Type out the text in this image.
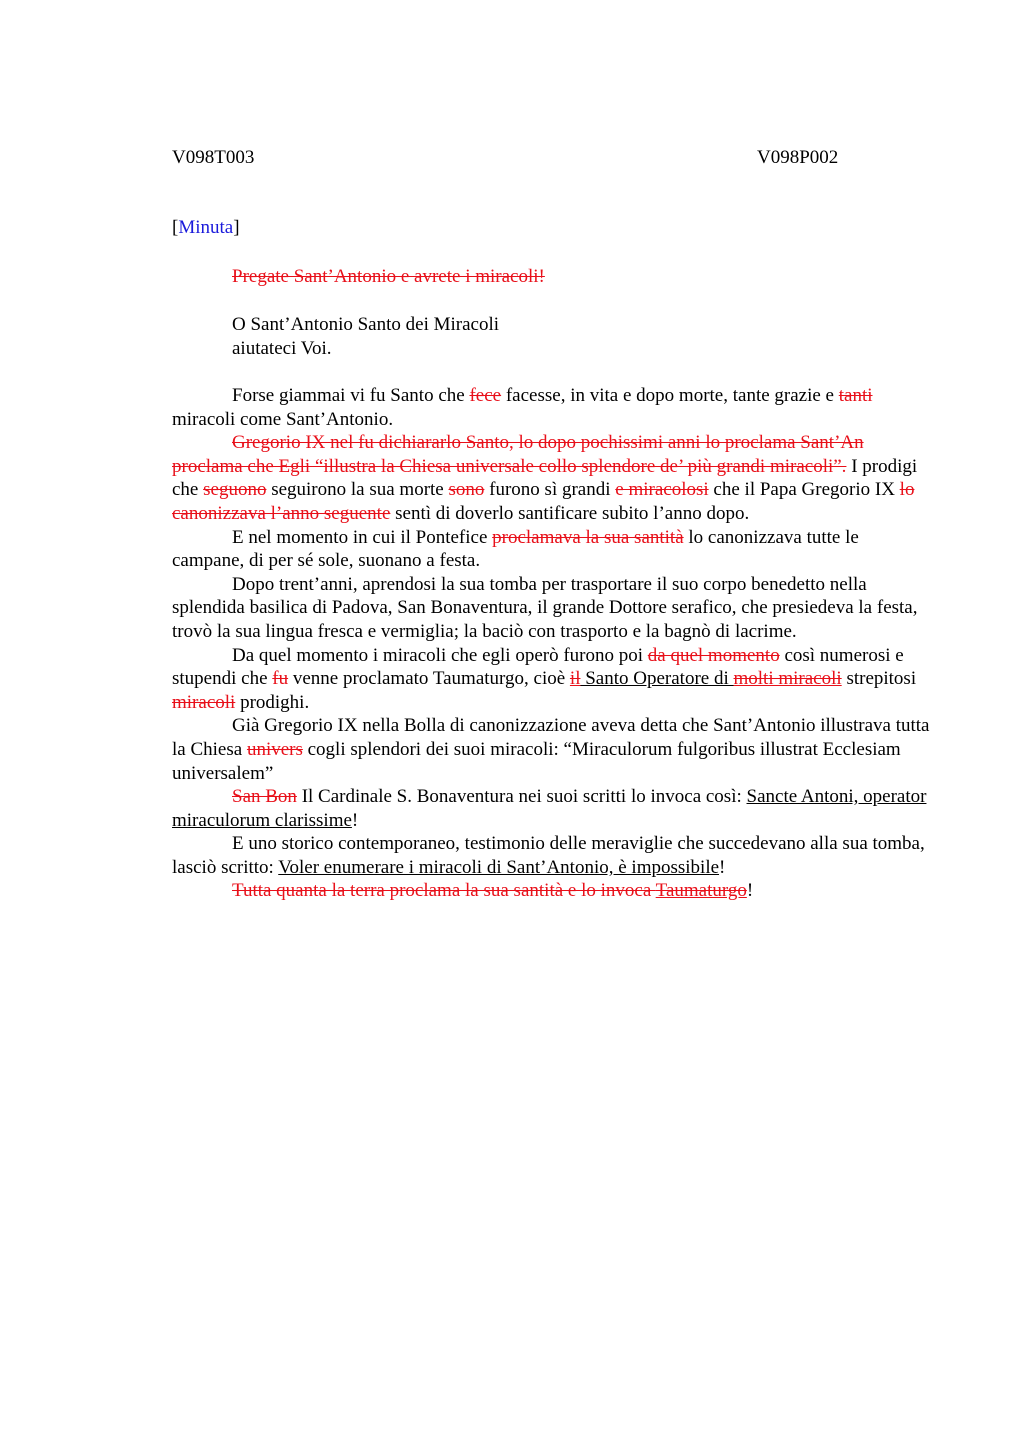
V098T003	V098P002
[Minuta]
Pregate Sant’Antonio e avrete i miracoli!
O Sant’Antonio Santo dei Miracoli
aiutateci Voi.

Forse giammai vi fu Santo che fece facesse, in vita e dopo morte, tante grazie e tanti miracoli come Sant’Antonio.

Gregorio IX nel fu dichiararlo Santo, lo dopo pochissimi anni lo proclama Sant’An proclama che Egli “illustra la Chiesa universale collo splendore de’ più grandi miracoli”. I prodigi che seguono seguirono la sua morte sono furono sì grandi e miracolosi che il Papa Gregorio IX lo canonizzava l’anno seguente sentì di doverlo santificare subito l’anno dopo.

E nel momento in cui il Pontefice proclamava la sua santità lo canonizzava tutte le campane, di per sé sole, suonano a festa.

Dopo trent’anni, aprendosi la sua tomba per trasportare il suo corpo benedetto nella splendida basilica di Padova, San Bonaventura, il grande Dottore serafico, che presiedeva la festa, trovò la sua lingua fresca e vermiglia; la baciò con trasporto e la bagnò di lacrime.

Da quel momento i miracoli che egli operò furono poi da quel momento così numerosi e stupendi che fu venne proclamato Taumaturgo, cioè il Santo Operatore di molti miracoli strepitosi miracoli prodighi.

Già Gregorio IX nella Bolla di canonizzazione aveva detta che Sant’Antonio illustrava tutta la Chiesa univers cogli splendori dei suoi miracoli: “Miraculorum fulgoribus illustrat Ecclesiam universalem”

San Bon Il Cardinale S. Bonaventura nei suoi scritti lo invoca così: Sancte Antoni, operator miraculorum clarissime!

E uno storico contemporaneo, testimonio delle meraviglie che succedevano alla sua tomba, lasciò scritto: Voler enumerare i miracoli di Sant’Antonio, è impossibile!

Tutta quanta la terra proclama la sua santità e lo invoca Taumaturgo!
